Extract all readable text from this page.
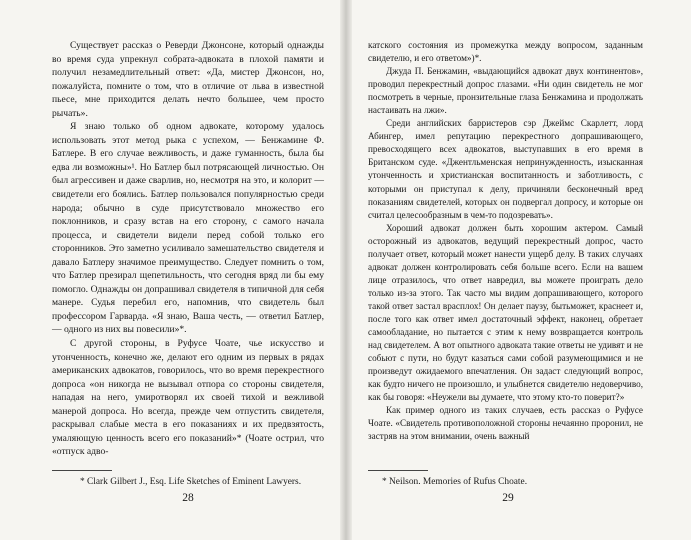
Существует рассказ о Реверди Джонсоне, который однажды во время суда упрекнул собрата-адвоката в плохой памяти и получил незамедлительный ответ: «Да, мистер Джонсон, но, пожалуйста, помните о том, что в отличие от льва в известной пьесе, мне приходится делать нечто большее, чем просто рычать».

Я знаю только об одном адвокате, которому удалось использовать этот метод рыка с успехом, — Бенжамине Ф. Батлере. В его случае вежливость, и даже гуманность, была бы едва ли возможны»¹. Но Батлер был потрясающей личностью. Он был агрессивен и даже сварлив, но, несмотря на это, и колорит — свидетели его боялись. Батлер пользовался популярностью среди народа; обычно в суде присутствовало множество его поклонников, и сразу встав на его сторону, с самого начала процесса, и свидетели видели перед собой только его сторонников. Это заметно усиливало замешательство свидетеля и давало Батлеру значимое преимущество. Следует помнить о том, что Батлер презирал щепетильность, что сегодня вряд ли бы ему помогло. Однажды он допрашивал свидетеля в типичной для себя манере. Судья перебил его, напомнив, что свидетель был профессором Гарварда. «Я знаю, Ваша честь, — ответил Батлер, — одного из них вы повесили»*.

С другой стороны, в Руфусе Чоате, чье искусство и утонченность, конечно же, делают его одним из первых в рядах американских адвокатов, говорилось, что во время перекрестного допроса «он никогда не вызывал отпора со стороны свидетеля, нападая на него, умиротворял их своей тихой и вежливой манерой допроса. Но всегда, прежде чем отпустить свидетеля, раскрывал слабые места в его показаниях и их предвзятость, умаляющую ценность всего его показаний»* (Чоате острил, что «отпуск адво-

* Clark Gilbert J., Esq. Life Sketches of Eminent Lawyers.
28

катского состояния из промежутка между вопросом, заданным свидетелю, и его ответом»)*.

Джуда П. Бенжамин, «выдающийся адвокат двух континентов», проводил перекрестный допрос глазами. «Ни один свидетель не мог посмотреть в черные, пронзительные глаза Бенжамина и продолжать настаивать на лжи».

Среди английских барристеров сэр Джеймс Скарлетт, лорд Абингер, имел репутацию перекрестного допрашивающего, превосходящего всех адвокатов, выступавших в его время в Британском суде. «Джентльменская непринужденность, изысканная утонченность и христианская воспитанность и заботливость, с которыми он приступал к делу, причиняли бесконечный вред показаниям свидетелей, которых он подвергал допросу, и которые он считал целесообразным в чем-то подозревать».

Хороший адвокат должен быть хорошим актером. Самый осторожный из адвокатов, ведущий перекрестный допрос, часто получает ответ, который может нанести ущерб делу. В таких случаях адвокат должен контролировать себя больше всего. Если на вашем лице отразилось, что ответ навредил, вы можете проиграть дело только из-за этого. Так часто мы видим допрашивающего, которого такой ответ застал врасплох! Он делает паузу, бытьможет, краснеет и, после того как ответ имел достаточный эффект, наконец, обретает самообладание, но пытается с этим к нему возвращается контроль над свидетелем. А вот опытного адвоката такие ответы не удивят и не собьют с пути, но будут казаться сами собой разумеющимися и не произведут ожидаемого впечатления. Он задаст следующий вопрос, как будто ничего не произошло, и улыбнется свидетелю недоверчиво, как бы говоря: «Неужели вы думаете, что этому кто-то поверит?»

Как пример одного из таких случаев, есть рассказ о Руфусе Чоате. «Свидетель противоположной стороны нечаянно проронил, не застряв на этом внимании, очень важный

* Neilson. Memories of Rufus Choate.
29
